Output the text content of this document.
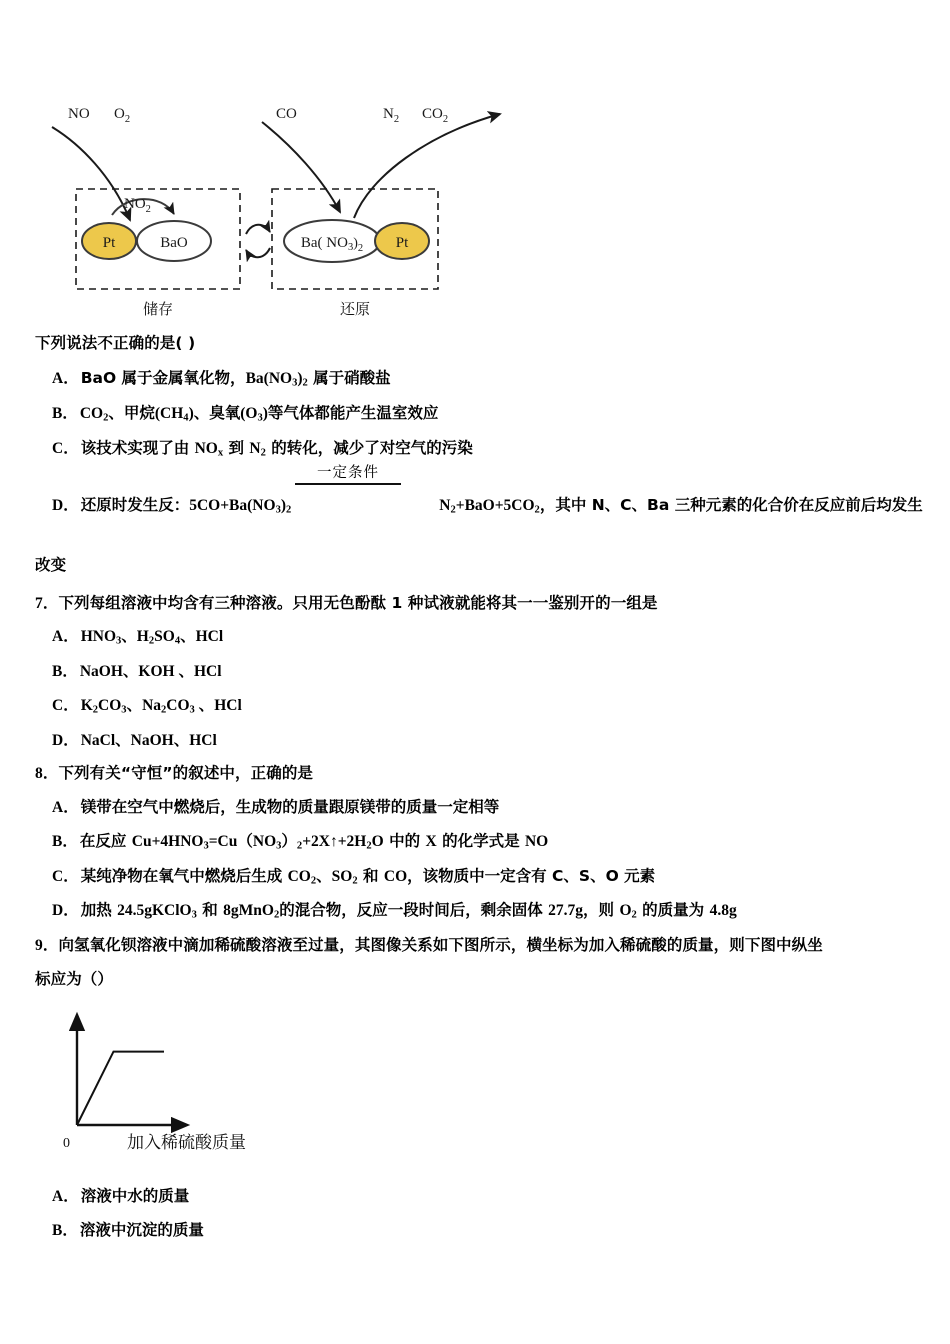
NO $O_2$	CO	$N_2$ $CO_2$
$NO_2$
Pt	BaO	Ba( $NO_3)_2$ Pt
储存	还原
下列说法不正确的是( )
A． BaO 属于金属氧化物，$Ba(NO_3)_2$ 属于硝酸盐
B． $CO_2$、甲烷$(CH_4)$、臭氧$(O_3)$等气体都能产生温室效应
C． 该技术实现了由 $NO_x$ 到 $N_2$ 的转化，减少了对空气的污染
一定条件
D． 还原时发生反：$5CO+Ba(NO_3)_2$	$N_2+BaO+5CO_2$，其中 N、C、Ba 三种元素的化合价在反应前后均发生
改变
7．下列每组溶液中均含有三种溶液。只用无色酚酞 1 种试液就能将其一一鉴别开的一组是
A． $HNO_3$、$H_2SO_4$、HCl
B． NaOH、KOH 、HCl
C． $K_2CO_3$、$Na_2CO_3$ 、HCl
D． NaCl、NaOH、HCl
8．下列有关“守恒”的叙述中，正确的是
A． 镁带在空气中燃烧后，生成物的质量跟原镁带的质量一定相等
B． 在反应 $Cu+4HNO_3=Cu(NO_3)_2+2X↑+2H_2O$ 中的 X 的化学式是 NO
C． 某纯净物在氧气中燃烧后生成 $CO_2$、$SO_2$ 和 CO，该物质中一定含有 C、S、O 元素
D． 加热 24.5gKClO$_3$ 和 8gMnO$_2$的混合物，反应一段时间后，剩余固体 27.7g，则 $O_2$ 的质量为 4.8g
9．向氢氧化钡溶液中滴加稀硫酸溶液至过量，其图像关系如下图所示，横坐标为加入稀硫酸的质量，则下图中纵坐
标应为（）
0	加入稀硫酸质量
A． 溶液中水的质量
B． 溶液中沉淀的质量
